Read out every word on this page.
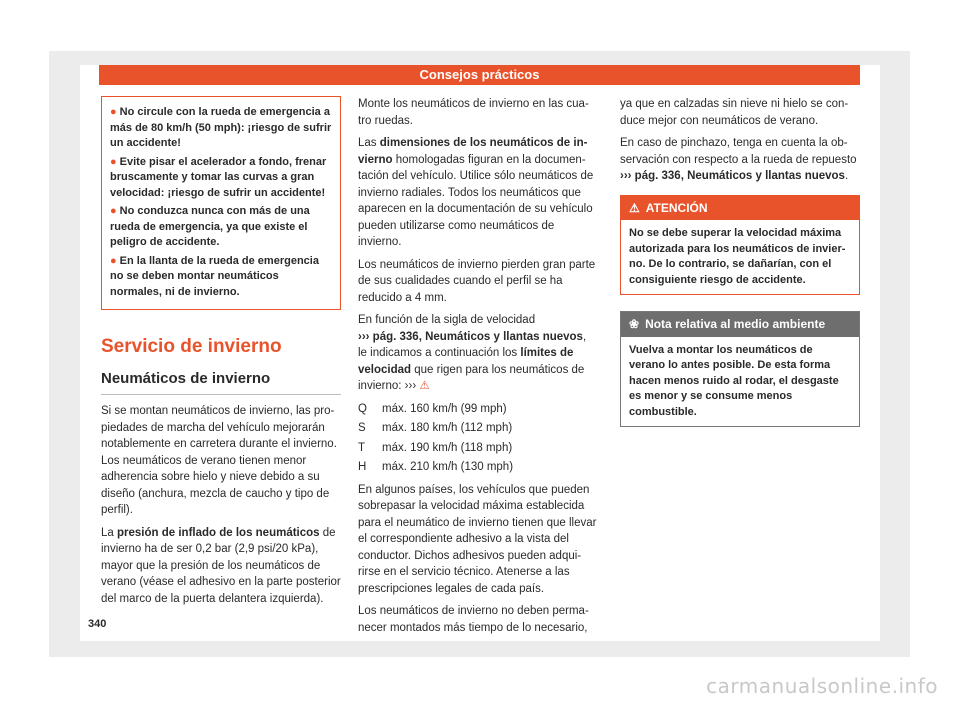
Consejos prácticos
● No circule con la rueda de emergencia a más de 80 km/h (50 mph): ¡riesgo de sufrir un accidente!
● Evite pisar el acelerador a fondo, frenar bruscamente y tomar las curvas a gran velocidad: ¡riesgo de sufrir un accidente!
● No conduzca nunca con más de una rueda de emergencia, ya que existe el peligro de accidente.
● En la llanta de la rueda de emergencia no se deben montar neumáticos normales, ni de invierno.
Servicio de invierno
Neumáticos de invierno

Si se montan neumáticos de invierno, las propiedades de marcha del vehículo mejorarán notablemente en carretera durante el invierno. Los neumáticos de verano tienen menor adherencia sobre hielo y nieve debido a su diseño (anchura, mezcla de caucho y tipo de perfil).

La presión de inflado de los neumáticos de invierno ha de ser 0,2 bar (2,9 psi/20 kPa), mayor que la presión de los neumáticos de verano (véase el adhesivo en la parte posterior del marco de la puerta delantera izquierda).

Monte los neumáticos de invierno en las cuatro ruedas.

Las dimensiones de los neumáticos de invierno homologadas figuran en la documentación del vehículo. Utilice sólo neumáticos de invierno radiales. Todos los neumáticos que aparecen en la documentación de su vehículo pueden utilizarse como neumáticos de invierno.

Los neumáticos de invierno pierden gran parte de sus cualidades cuando el perfil se ha reducido a 4 mm.

En función de la sigla de velocidad
››› pág. 336, Neumáticos y llantas nuevos, le indicamos a continuación los límites de velocidad que rigen para los neumáticos de invierno: ››› ⚠

Q	máx. 160 km/h (99 mph)
S	máx. 180 km/h (112 mph)
T	máx. 190 km/h (118 mph)
H	máx. 210 km/h (130 mph)

En algunos países, los vehículos que pueden sobrepasar la velocidad máxima establecida para el neumático de invierno tienen que llevar el correspondiente adhesivo a la vista del conductor. Dichos adhesivos pueden adquirirse en el servicio técnico. Atenerse a las prescripciones legales de cada país.

Los neumáticos de invierno no deben permanecer montados más tiempo de lo necesario,

ya que en calzadas sin nieve ni hielo se conduce mejor con neumáticos de verano.

En caso de pinchazo, tenga en cuenta la observación con respecto a la rueda de repuesto ››› pág. 336, Neumáticos y llantas nuevos.

⚠ ATENCIÓN
No se debe superar la velocidad máxima autorizada para los neumáticos de invierno. De lo contrario, se dañarían, con el consiguiente riesgo de accidente.
❀ Nota relativa al medio ambiente
Vuelva a montar los neumáticos de verano lo antes posible. De esta forma hacen menos ruido al rodar, el desgaste es menor y se consume menos combustible.
340
carmanualsonline.info
